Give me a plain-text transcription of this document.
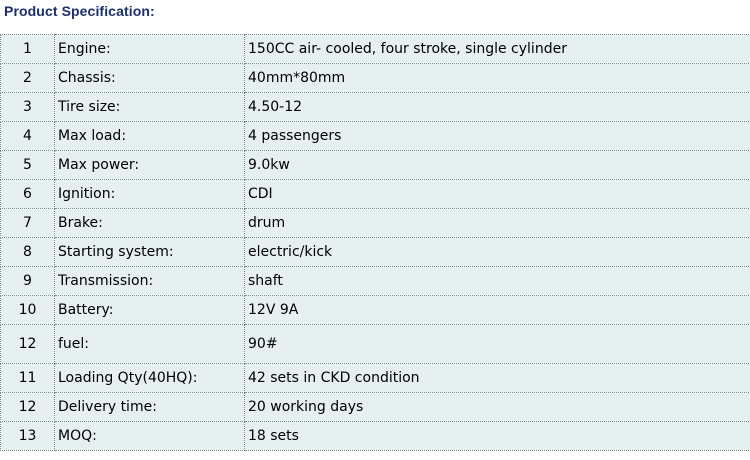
Product Specification:
1	Engine:	150CC air- cooled, four stroke, single cylinder
2	Chassis:	40mm*80mm
3	Tire size:	4.50-12
4	Max load:	4 passengers
5	Max power:	9.0kw
6	Ignition:	CDI
7	Brake:	drum
8	Starting system:	electric/kick
9	Transmission:	shaft
10	Battery:	12V 9A
12	fuel:	90#
11	Loading Qty(40HQ):	42 sets in CKD condition
12	Delivery time:	20 working days
13	MOQ:	18 sets
